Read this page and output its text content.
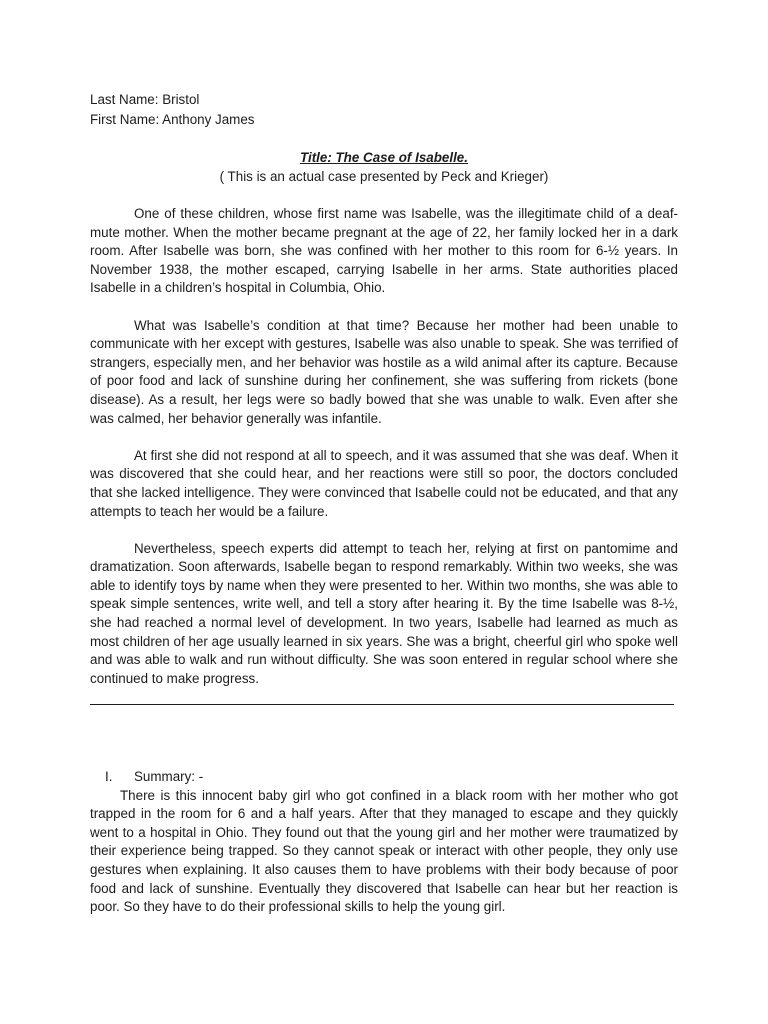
Last Name: Bristol
First Name: Anthony James
Title: The Case of Isabelle.
( This is an actual case presented by Peck and Krieger)

One of these children, whose first name was Isabelle, was the illegitimate child of a deaf-mute mother. When the mother became pregnant at the age of 22, her family locked her in a dark room. After Isabelle was born, she was confined with her mother to this room for 6-½ years. In November 1938, the mother escaped, carrying Isabelle in her arms. State authorities placed Isabelle in a children’s hospital in Columbia, Ohio.

What was Isabelle’s condition at that time? Because her mother had been unable to communicate with her except with gestures, Isabelle was also unable to speak. She was terrified of strangers, especially men, and her behavior was hostile as a wild animal after its capture. Because of poor food and lack of sunshine during her confinement, she was suffering from rickets (bone disease). As a result, her legs were so badly bowed that she was unable to walk. Even after she was calmed, her behavior generally was infantile.

At first she did not respond at all to speech, and it was assumed that she was deaf. When it was discovered that she could hear, and her reactions were still so poor, the doctors concluded that she lacked intelligence. They were convinced that Isabelle could not be educated, and that any attempts to teach her would be a failure.

Nevertheless, speech experts did attempt to teach her, relying at first on pantomime and dramatization. Soon afterwards, Isabelle began to respond remarkably. Within two weeks, she was able to identify toys by name when they were presented to her. Within two months, she was able to speak simple sentences, write well, and tell a story after hearing it. By the time Isabelle was 8-½, she had reached a normal level of development. In two years, Isabelle had learned as much as most children of her age usually learned in six years. She was a bright, cheerful girl who spoke well and was able to walk and run without difficulty. She was soon entered in regular school where she continued to make progress.

I. Summary: -

There is this innocent baby girl who got confined in a black room with her mother who got trapped in the room for 6 and a half years. After that they managed to escape and they quickly went to a hospital in Ohio. They found out that the young girl and her mother were traumatized by their experience being trapped. So they cannot speak or interact with other people, they only use gestures when explaining. It also causes them to have problems with their body because of poor food and lack of sunshine. Eventually they discovered that Isabelle can hear but her reaction is poor. So they have to do their professional skills to help the young girl.
